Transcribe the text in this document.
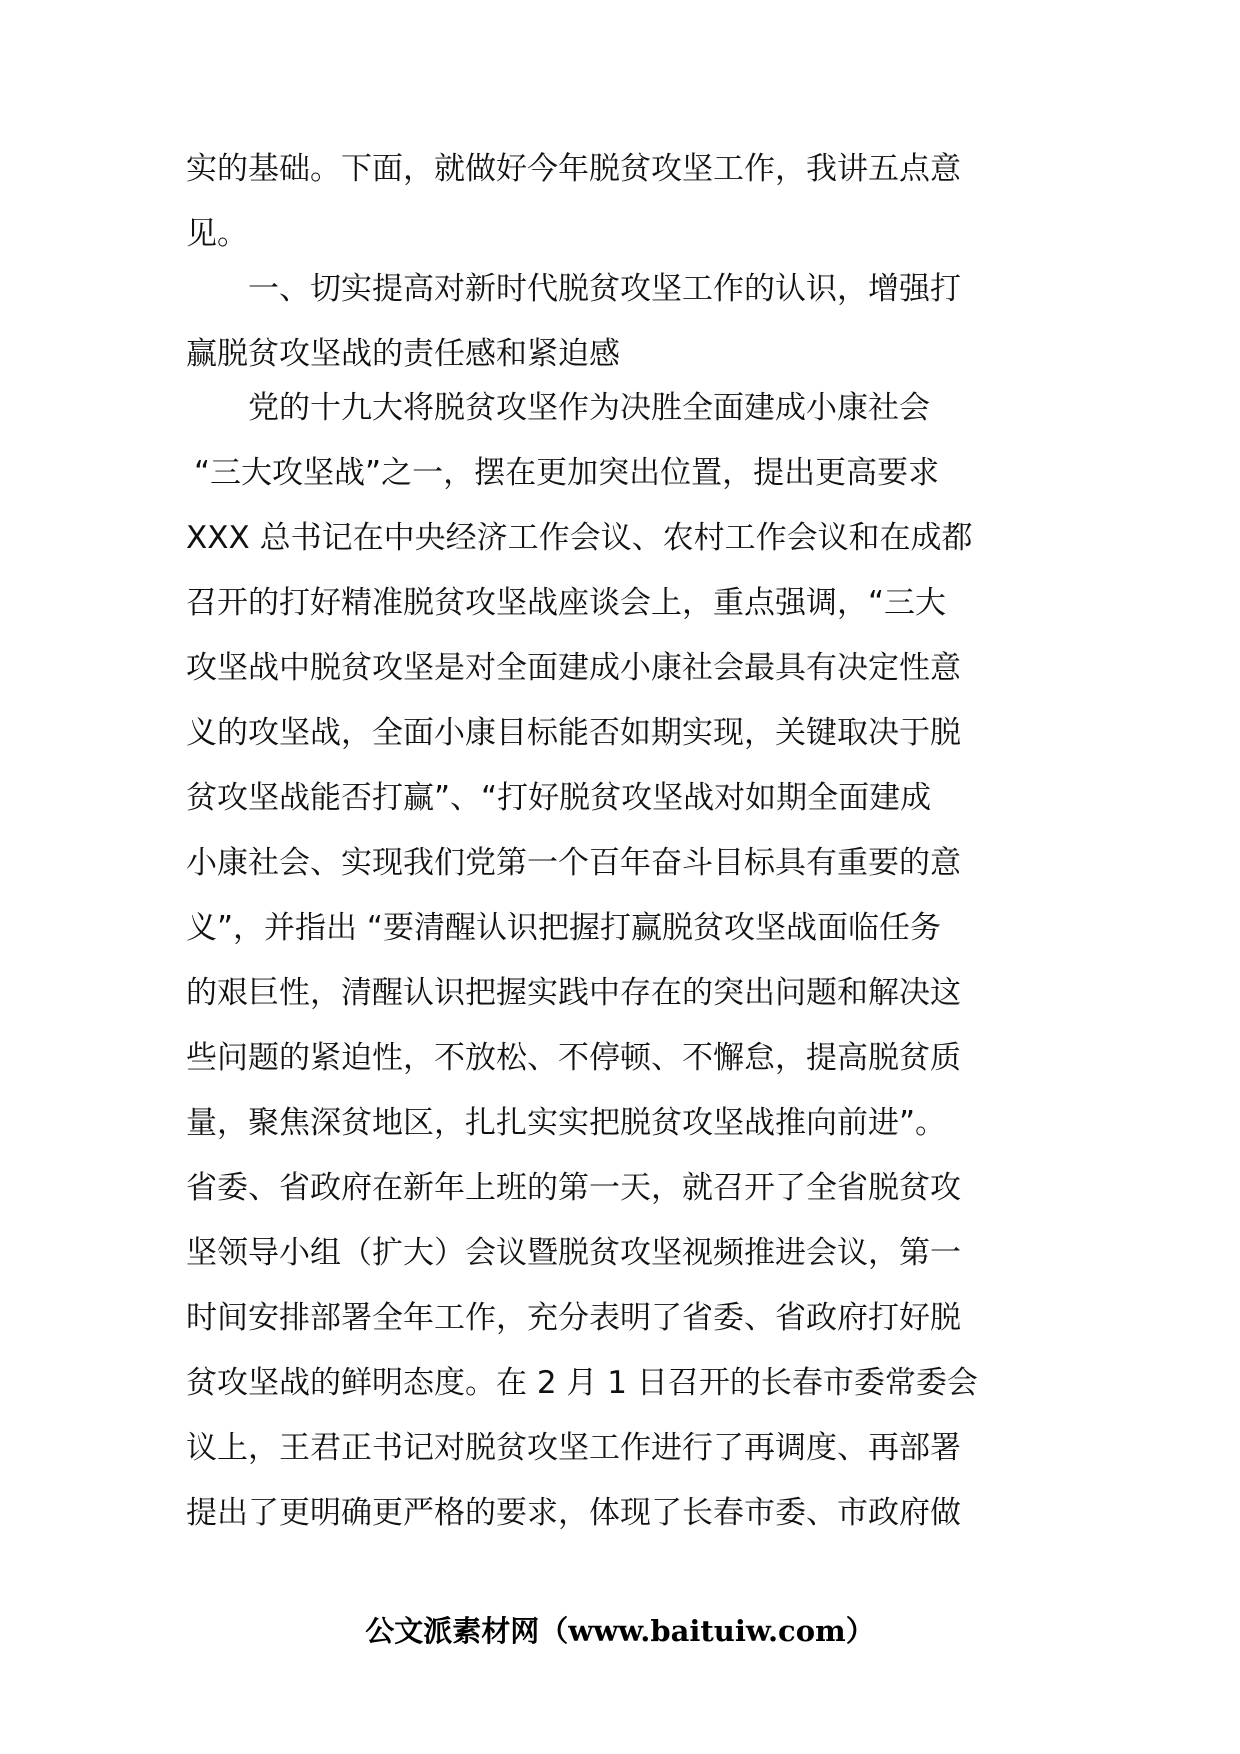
实的基础。下面，就做好今年脱贫攻坚工作，我讲五点意
见。
一、切实提高对新时代脱贫攻坚工作的认识，增强打
赢脱贫攻坚战的责任感和紧迫感
党的十九大将脱贫攻坚作为决胜全面建成小康社会
“三大攻坚战”之一，摆在更加突出位置，提出更高要求
XXX 总书记在中央经济工作会议、农村工作会议和在成都
召开的打好精准脱贫攻坚战座谈会上，重点强调，“三大
攻坚战中脱贫攻坚是对全面建成小康社会最具有决定性意
义的攻坚战，全面小康目标能否如期实现，关键取决于脱
贫攻坚战能否打赢”、“打好脱贫攻坚战对如期全面建成
小康社会、实现我们党第一个百年奋斗目标具有重要的意
义”，并指出 “要清醒认识把握打赢脱贫攻坚战面临任务
的艰巨性，清醒认识把握实践中存在的突出问题和解决这
些问题的紧迫性，不放松、不停顿、不懈怠，提高脱贫质
量，聚焦深贫地区，扎扎实实把脱贫攻坚战推向前进”。
省委、省政府在新年上班的第一天，就召开了全省脱贫攻
坚领导小组（扩大）会议暨脱贫攻坚视频推进会议，第一
时间安排部署全年工作，充分表明了省委、省政府打好脱
贫攻坚战的鲜明态度。在 2 月 1 日召开的长春市委常委会
议上，王君正书记对脱贫攻坚工作进行了再调度、再部署
提出了更明确更严格的要求，体现了长春市委、市政府做
公文派素材网（www.baituiw.com）
